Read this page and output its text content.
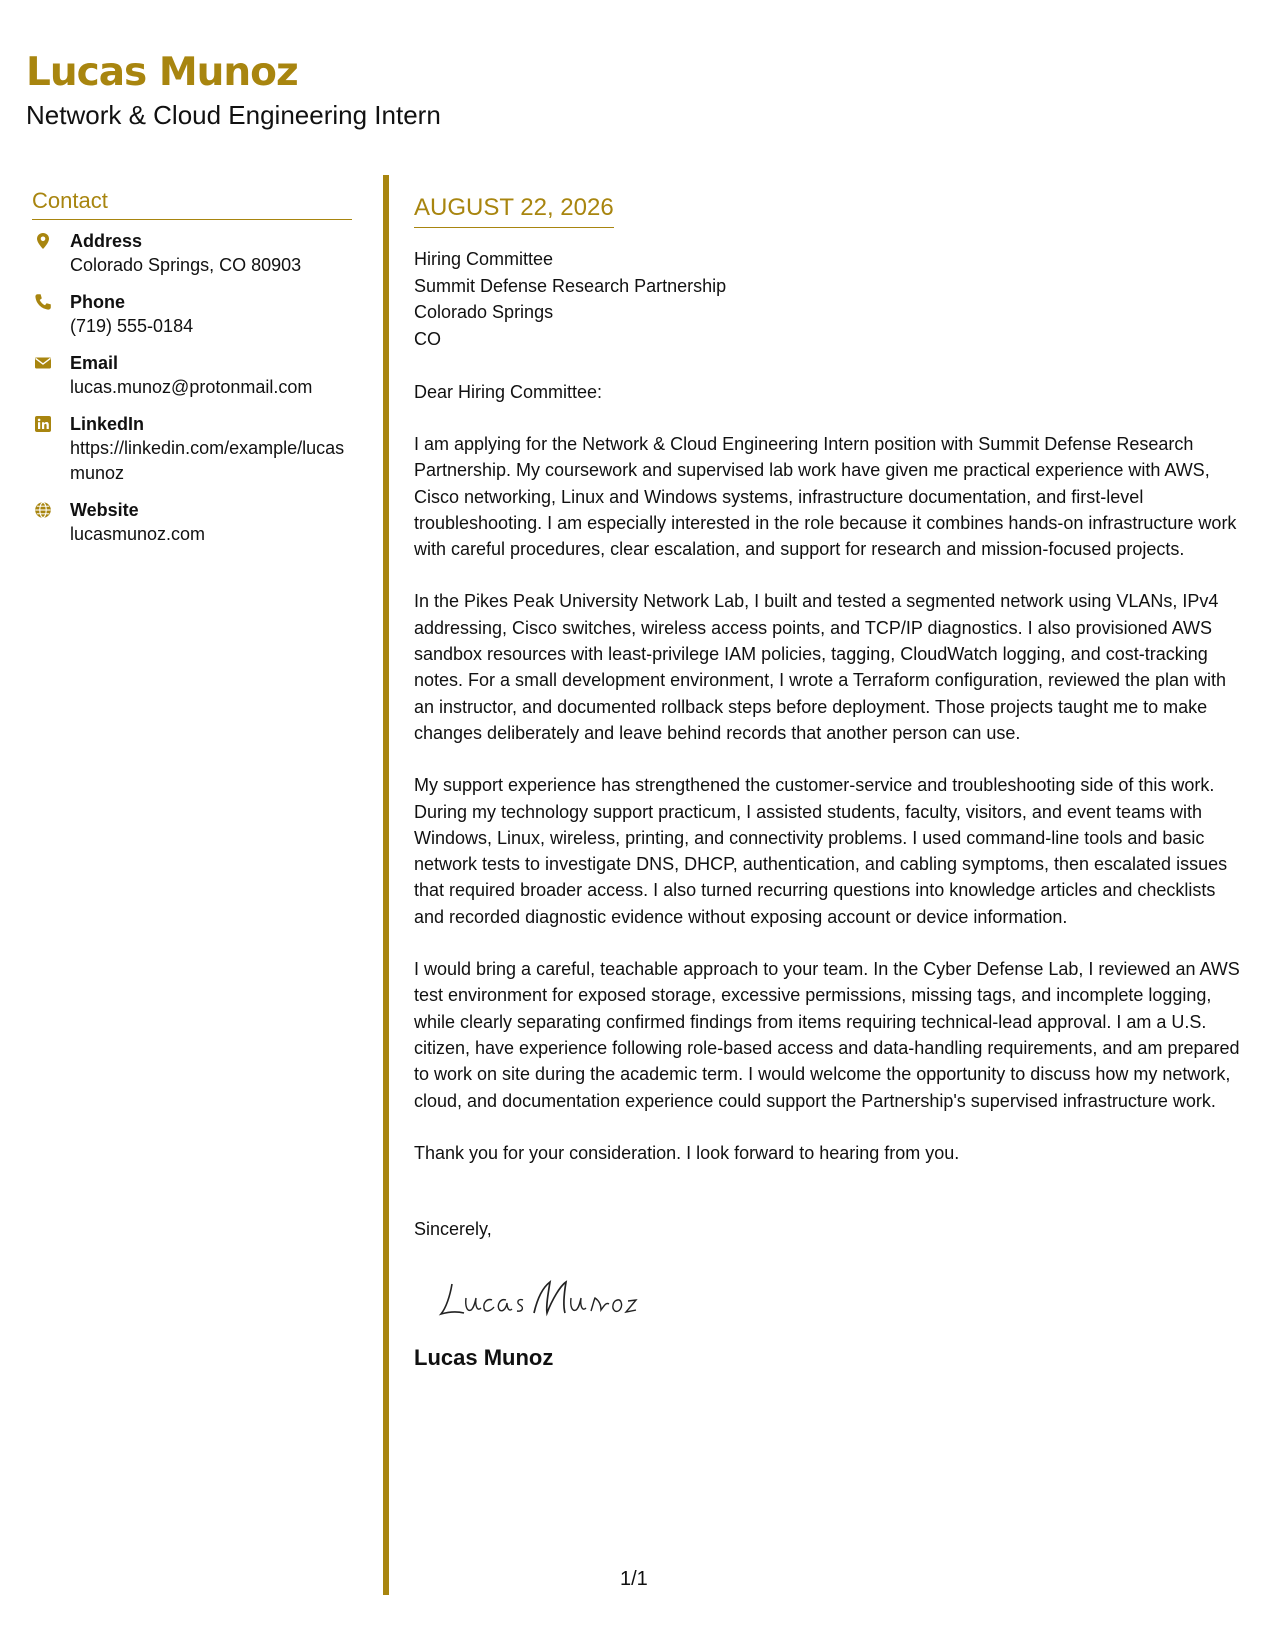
Lucas Munoz
Network & Cloud Engineering Intern
Contact
Address
Colorado Springs, CO 80903
Phone
(719) 555-0184
Email
lucas.munoz@protonmail.com
LinkedIn
https://linkedin.com/example/lucasmunoz
Website
lucasmunoz.com
AUGUST 22, 2026
Hiring Committee
Summit Defense Research Partnership
Colorado Springs
CO
Dear Hiring Committee:

I am applying for the Network & Cloud Engineering Intern position with Summit Defense Research Partnership. My coursework and supervised lab work have given me practical experience with AWS, Cisco networking, Linux and Windows systems, infrastructure documentation, and first-level troubleshooting. I am especially interested in the role because it combines hands-on infrastructure work with careful procedures, clear escalation, and support for research and mission-focused projects.

In the Pikes Peak University Network Lab, I built and tested a segmented network using VLANs, IPv4 addressing, Cisco switches, wireless access points, and TCP/IP diagnostics. I also provisioned AWS sandbox resources with least-privilege IAM policies, tagging, CloudWatch logging, and cost-tracking notes. For a small development environment, I wrote a Terraform configuration, reviewed the plan with an instructor, and documented rollback steps before deployment. Those projects taught me to make changes deliberately and leave behind records that another person can use.

My support experience has strengthened the customer-service and troubleshooting side of this work. During my technology support practicum, I assisted students, faculty, visitors, and event teams with Windows, Linux, wireless, printing, and connectivity problems. I used command-line tools and basic network tests to investigate DNS, DHCP, authentication, and cabling symptoms, then escalated issues that required broader access. I also turned recurring questions into knowledge articles and checklists and recorded diagnostic evidence without exposing account or device information.

I would bring a careful, teachable approach to your team. In the Cyber Defense Lab, I reviewed an AWS test environment for exposed storage, excessive permissions, missing tags, and incomplete logging, while clearly separating confirmed findings from items requiring technical-lead approval. I am a U.S. citizen, have experience following role-based access and data-handling requirements, and am prepared to work on site during the academic term. I would welcome the opportunity to discuss how my network, cloud, and documentation experience could support the Partnership's supervised infrastructure work.

Thank you for your consideration. I look forward to hearing from you.

Sincerely,
Lucas Munoz
1/1
